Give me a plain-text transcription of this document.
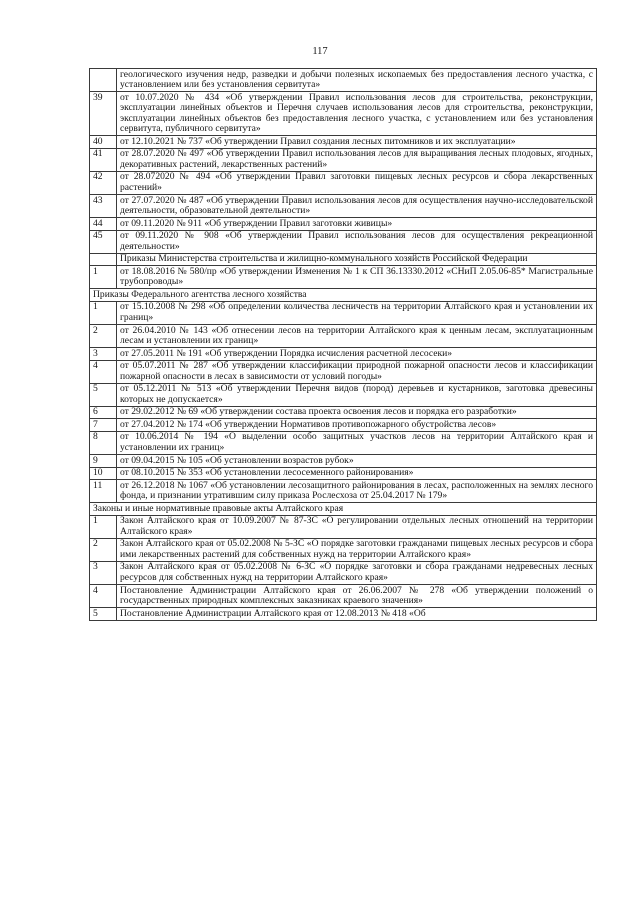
117
	геологического изучения недр, разведки и добычи полезных ископаемых без предоставления лесного участка, с установлением или без установления сервитута»
39	от 10.07.2020 № 434 «Об утверждении Правил использования лесов для строительства, реконструкции, эксплуатации линейных объектов и Перечня случаев использования лесов для строительства, реконструкции, эксплуатации линейных объектов без предоставления лесного участка, с установлением или без установления сервитута, публичного сервитута»
40	от 12.10.2021 № 737 «Об утверждении Правил создания лесных питомников и их эксплуатации»
41	от 28.07.2020 № 497 «Об утверждении Правил использования лесов для выращивания лесных плодовых, ягодных, декоративных растений, лекарственных растений»
42	от 28.072020 № 494 «Об утверждении Правил заготовки пищевых лесных ресурсов и сбора лекарственных растений»
43	от 27.07.2020 № 487 «Об утверждении Правил использования лесов для осуществления научно-исследовательской деятельности, образовательной деятельности»
44	от 09.11.2020 № 911 «Об утверждении Правил заготовки живицы»
45	от 09.11.2020 № 908 «Об утверждении Правил использования лесов для осуществления рекреационной деятельности»
	Приказы Министерства строительства и жилищно-коммунального хозяйств Российской Федерации
1	от 18.08.2016 № 580/пр «Об утверждении Изменения № 1 к СП 36.13330.2012 «СНиП 2.05.06-85* Магистральные трубопроводы»
Приказы Федерального агентства лесного хозяйства	
1	от 15.10.2008 № 298 «Об определении количества лесничеств на территории Алтайского края и установлении их границ»
2	от 26.04.2010 № 143 «Об отнесении лесов на территории Алтайского края к ценным лесам, эксплуатационным лесам и установлении их границ»
3	от 27.05.2011 № 191 «Об утверждении Порядка исчисления расчетной лесосеки»
4	от 05.07.2011 № 287 «Об утверждении классификации природной пожарной опасности лесов и классификации пожарной опасности в лесах в зависимости от условий погоды»
5	от 05.12.2011 № 513 «Об утверждении Перечня видов (пород) деревьев и кустарников, заготовка древесины которых не допускается»
6	от 29.02.2012 № 69 «Об утверждении состава проекта освоения лесов и порядка его разработки»
7	от 27.04.2012 № 174 «Об утверждении Нормативов противопожарного обустройства лесов»
8	от 10.06.2014 № 194 «О выделении особо защитных участков лесов на территории Алтайского края и установлении их границ»
9	от 09.04.2015 № 105 «Об установлении возрастов рубок»
10	от 08.10.2015 № 353 «Об установлении лесосеменного районирования»
11	от 26.12.2018 № 1067 «Об установлении лесозащитного районирования в лесах, расположенных на землях лесного фонда, и признании утратившим силу приказа Рослесхоза от 25.04.2017 № 179»
Законы и иные нормативные правовые акты Алтайского края	
1	Закон Алтайского края от 10.09.2007 № 87-ЗС «О регулировании отдельных лесных отношений на территории Алтайского края»
2	Закон Алтайского края от 05.02.2008 № 5-ЗС «О порядке заготовки гражданами пищевых лесных ресурсов и сбора ими лекарственных растений для собственных нужд на территории Алтайского края»
3	Закон Алтайского края от 05.02.2008 № 6-ЗС «О порядке заготовки и сбора гражданами недревесных лесных ресурсов для собственных нужд на территории Алтайского края»
4	Постановление Администрации Алтайского края от 26.06.2007 № 278 «Об утверждении положений о государственных природных комплексных заказниках краевого значения»
5	Постановление Администрации Алтайского края от 12.08.2013 № 418 «Об
